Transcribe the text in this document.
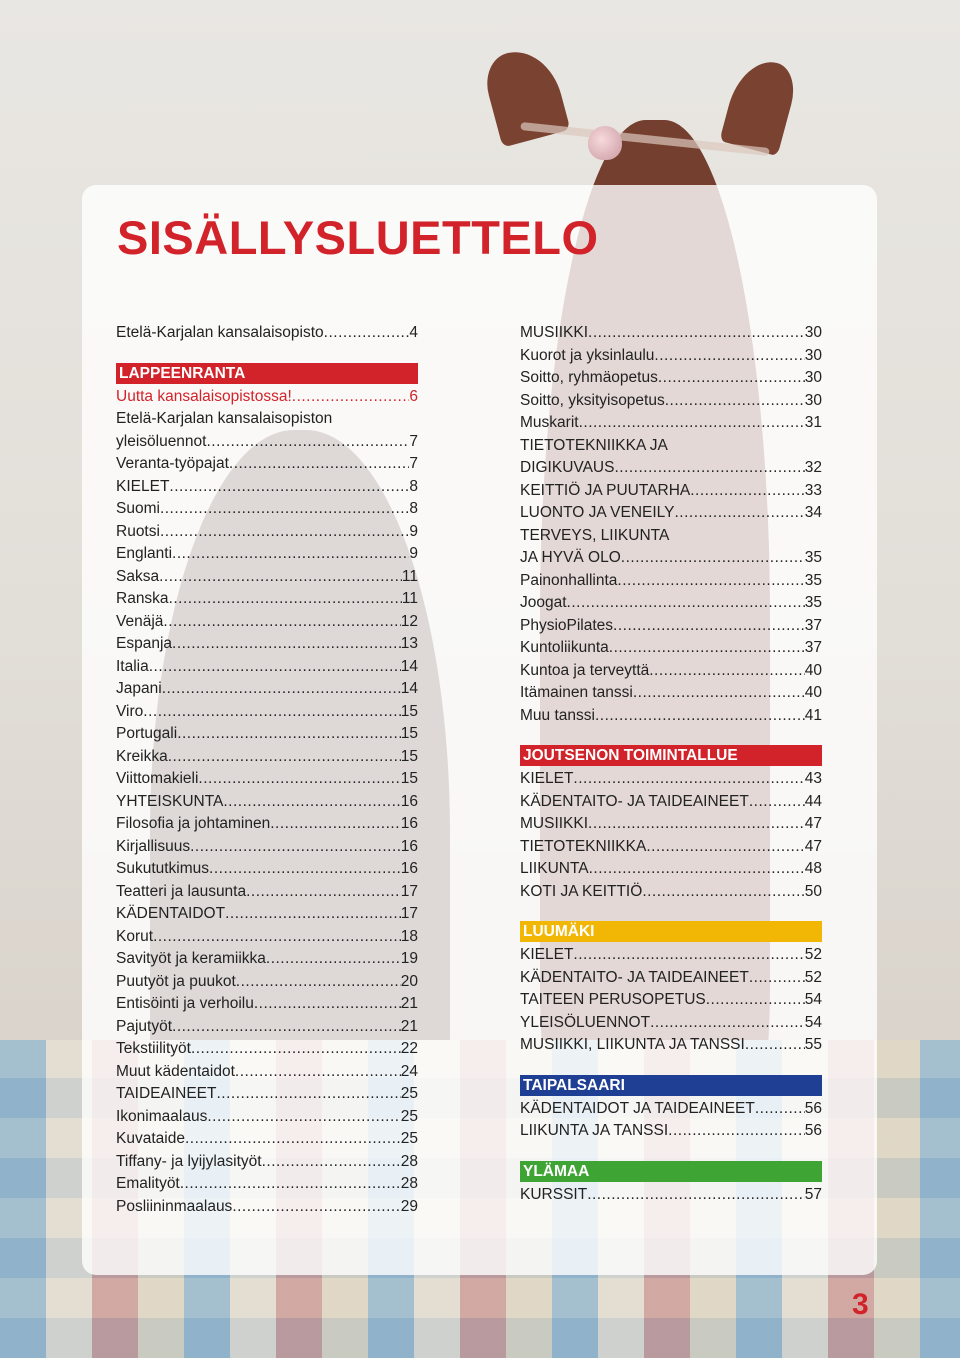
SISÄLLYSLUETTELO
Etelä-Karjalan kansalaisopisto .....	4
LAPPEENRANTA
Uutta kansalaisopistossa! .....	6
Etelä-Karjalan kansalaisopiston
yleisöluennot .....	7
Veranta-työpajat .....	7
KIELET .....	8
Suomi .....	8
Ruotsi .....	9
Englanti .....	9
Saksa .....	11
Ranska .....	11
Venäjä .....	12
Espanja .....	13
Italia .....	14
Japani .....	14
Viro .....	15
Portugali .....	15
Kreikka .....	15
Viittomakieli .....	15
YHTEISKUNTA .....	16
Filosofia ja johtaminen .....	16
Kirjallisuus .....	16
Sukututkimus .....	16
Teatteri ja lausunta .....	17
KÄDENTAIDOT .....	17
Korut .....	18
Savityöt ja keramiikka .....	19
Puutyöt ja puukot .....	20
Entisöinti ja verhoilu .....	21
Pajutyöt .....	21
Tekstiilityöt .....	22
Muut kädentaidot .....	24
TAIDEAINEET .....	25
Ikonimaalaus .....	25
Kuvataide .....	25
Tiffany- ja lyijylasityöt .....	28
Emalityöt .....	28
Posliininmaalaus .....	29
MUSIIKKI .....	30
Kuorot ja yksinlaulu .....	30
Soitto, ryhmäopetus .....	30
Soitto, yksityisopetus .....	30
Muskarit .....	31
TIETOTEKNIIKKA JA
DIGIKUVAUS .....	32
KEITTIÖ JA PUUTARHA .....	33
LUONTO JA VENEILY .....	34
TERVEYS, LIIKUNTA
JA HYVÄ OLO .....	35
Painonhallinta .....	35
Joogat .....	35
PhysioPilates .....	37
Kuntoliikunta .....	37
Kuntoa ja terveyttä .....	40
Itämainen tanssi .....	40
Muu tanssi .....	41
JOUTSENON TOIMINTALLUE
KIELET .....	43
KÄDENTAITO- JA TAIDEAINEET .....	44
MUSIIKKI .....	47
TIETOTEKNIIKKA .....	47
LIIKUNTA .....	48
KOTI JA KEITTIÖ .....	50
LUUMÄKI
KIELET .....	52
KÄDENTAITO- JA TAIDEAINEET .....	52
TAITEEN PERUSOPETUS .....	54
YLEISÖLUENNOT .....	54
MUSIIKKI, LIIKUNTA JA TANSSI .....	55
TAIPALSAARI
KÄDENTAIDOT JA TAIDEAINEET .....	56
LIIKUNTA JA TANSSI .....	56
YLÄMAA
KURSSIT .....	57
3
